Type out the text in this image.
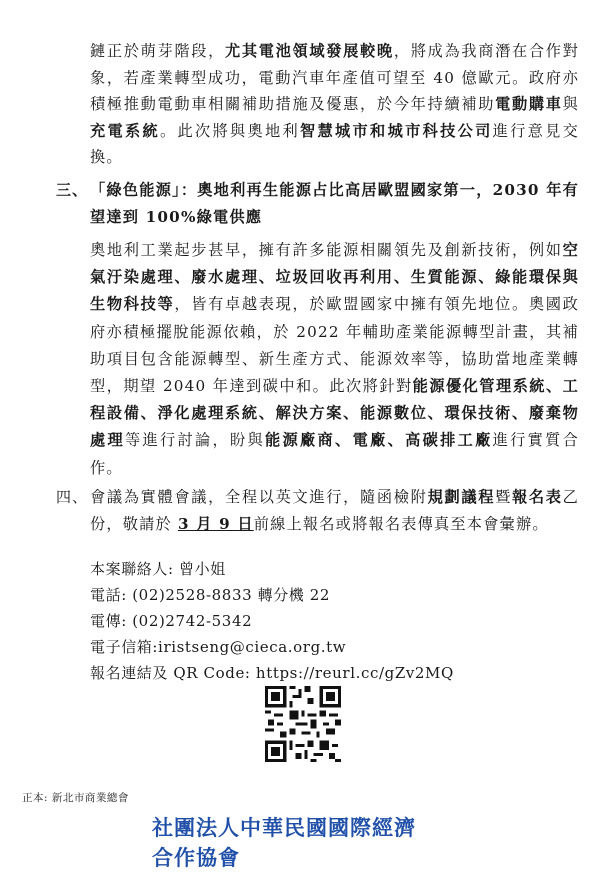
鏈正於萌芽階段，尤其電池領域發展較晚，將成為我商潛在合作對象，若產業轉型成功，電動汽車年產值可望至 40 億歐元。政府亦積極推動電動車相關補助措施及優惠，於今年持續補助電動購車與充電系統。此次將與奧地利智慧城市和城市科技公司進行意見交換。

三、 「綠色能源」：奧地利再生能源占比高居歐盟國家第一，2030 年有望達到 100%綠電供應

奧地利工業起步甚早，擁有許多能源相關領先及創新技術，例如空氣汙染處理、廢水處理、垃圾回收再利用、生質能源、綠能環保與生物科技等，皆有卓越表現，於歐盟國家中擁有領先地位。奧國政府亦積極擺脫能源依賴，於 2022 年輔助產業能源轉型計畫，其補助項目包含能源轉型、新生產方式、能源效率等，協助當地產業轉型，期望 2040 年達到碳中和。此次將針對能源優化管理系統、工程設備、淨化處理系統、解決方案、能源數位、環保技術、廢棄物處理等進行討論，盼與能源廠商、電廠、高碳排工廠進行實質合作。

四、 會議為實體會議，全程以英文進行，隨函檢附規劃議程暨報名表乙份，敬請於 3 月 9 日前線上報名或將報名表傳真至本會彙辦。

本案聯絡人: 曾小姐
電話: (02)2528-8833 轉分機 22
電傳: (02)2742-5342
電子信箱:iristseng@cieca.org.tw
報名連結及 QR Code: https://reurl.cc/gZv2MQ
正本: 新北市商業總會
社團法人中華民國國際經濟合作協會
